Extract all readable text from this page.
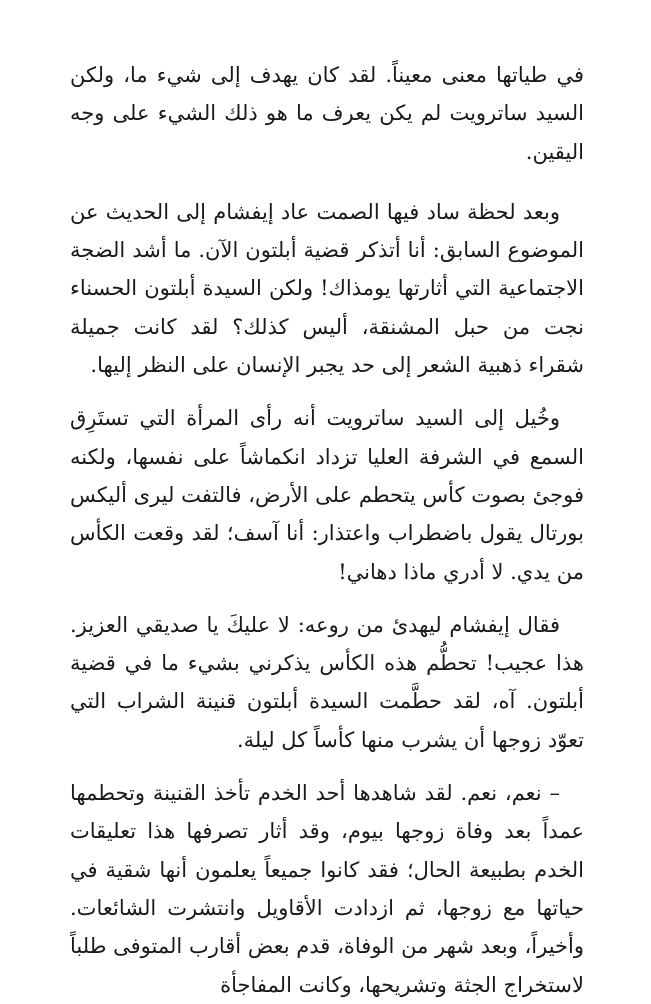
في طياتها معنى معيناً. لقد كان يهدف إلى شيء ما، ولكن السيد ساترويت لم يكن يعرف ما هو ذلك الشيء على وجه اليقين.

وبعد لحظة ساد فيها الصمت عاد إيفشام إلى الحديث عن الموضوع السابق: أنا أتذكر قضية أبلتون الآن. ما أشد الضجة الاجتماعية التي أثارتها يومذاك! ولكن السيدة أبلتون الحسناء نجت من حبل المشنقة، أليس كذلك؟ لقد كانت جميلة شقراء ذهبية الشعر إلى حد يجبر الإنسان على النظر إليها.

وخُيل إلى السيد ساترويت أنه رأى المرأة التي تستَرِق السمع في الشرفة العليا تزداد انكماشاً على نفسها، ولكنه فوجئ بصوت كأس يتحطم على الأرض، فالتفت ليرى أليكس بورتال يقول باضطراب واعتذار: أنا آسف؛ لقد وقعت الكأس من يدي. لا أدري ماذا دهاني!

فقال إيفشام ليهدئ من روعه: لا عليكَ يا صديقي العزيز. هذا عجيب! تحطُّم هذه الكأس يذكرني بشيء ما في قضية أبلتون. آه، لقد حطَّمت السيدة أبلتون قنينة الشراب التي تعوّد زوجها أن يشرب منها كأساً كل ليلة.

– نعم، نعم. لقد شاهدها أحد الخدم تأخذ القنينة وتحطمها عمداً بعد وفاة زوجها بيوم، وقد أثار تصرفها هذا تعليقات الخدم بطبيعة الحال؛ فقد كانوا جميعاً يعلمون أنها شقية في حياتها مع زوجها، ثم ازدادت الأقاويل وانتشرت الشائعات. وأخيراً، وبعد شهر من الوفاة، قدم بعض أقارب المتوفى طلباً لاستخراج الجثة وتشريحها، وكانت المفاجأة
